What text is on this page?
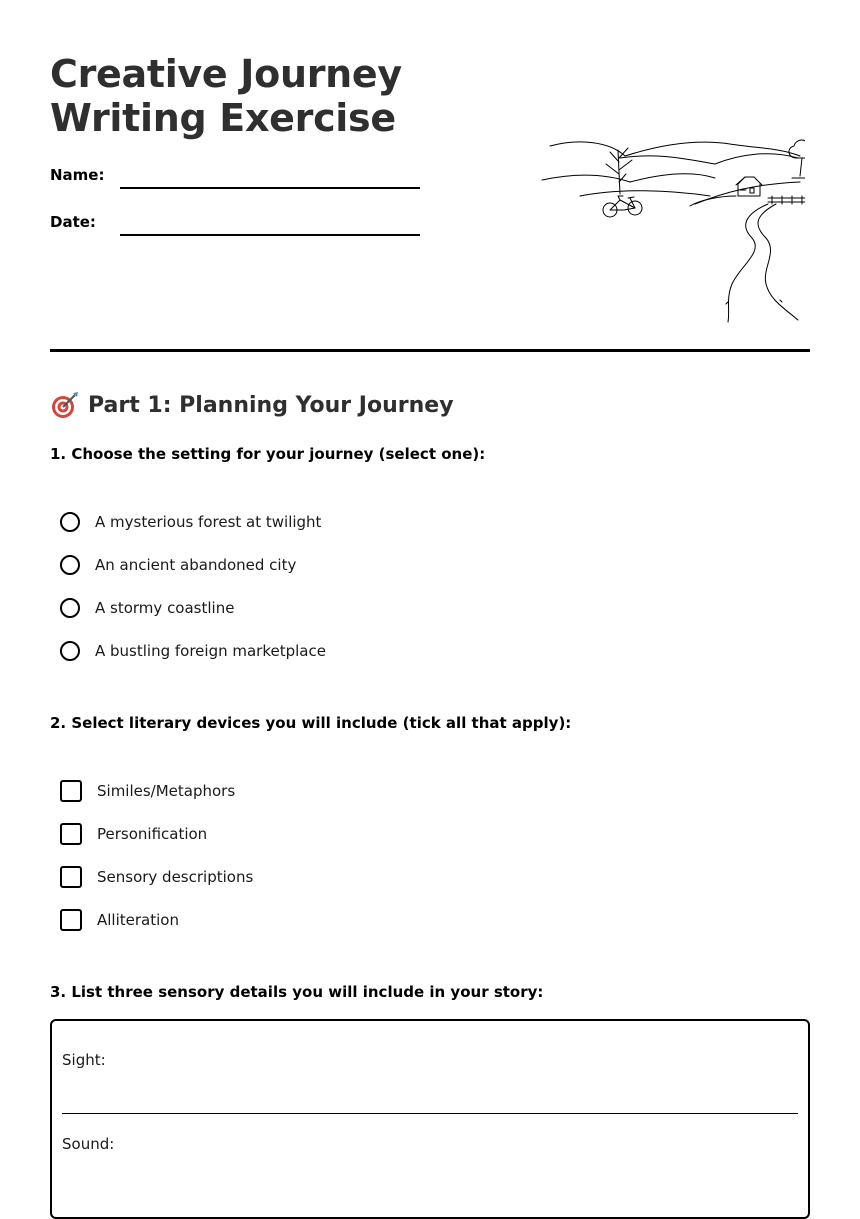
Creative Journey
Writing Exercise
Name:
Date:
Part 1: Planning Your Journey
1. Choose the setting for your journey (select one):
A mysterious forest at twilight
An ancient abandoned city
A stormy coastline
A bustling foreign marketplace
2. Select literary devices you will include (tick all that apply):
Similes/Metaphors
Personification
Sensory descriptions
Alliteration
3. List three sensory details you will include in your story:
Sight:
Sound:
